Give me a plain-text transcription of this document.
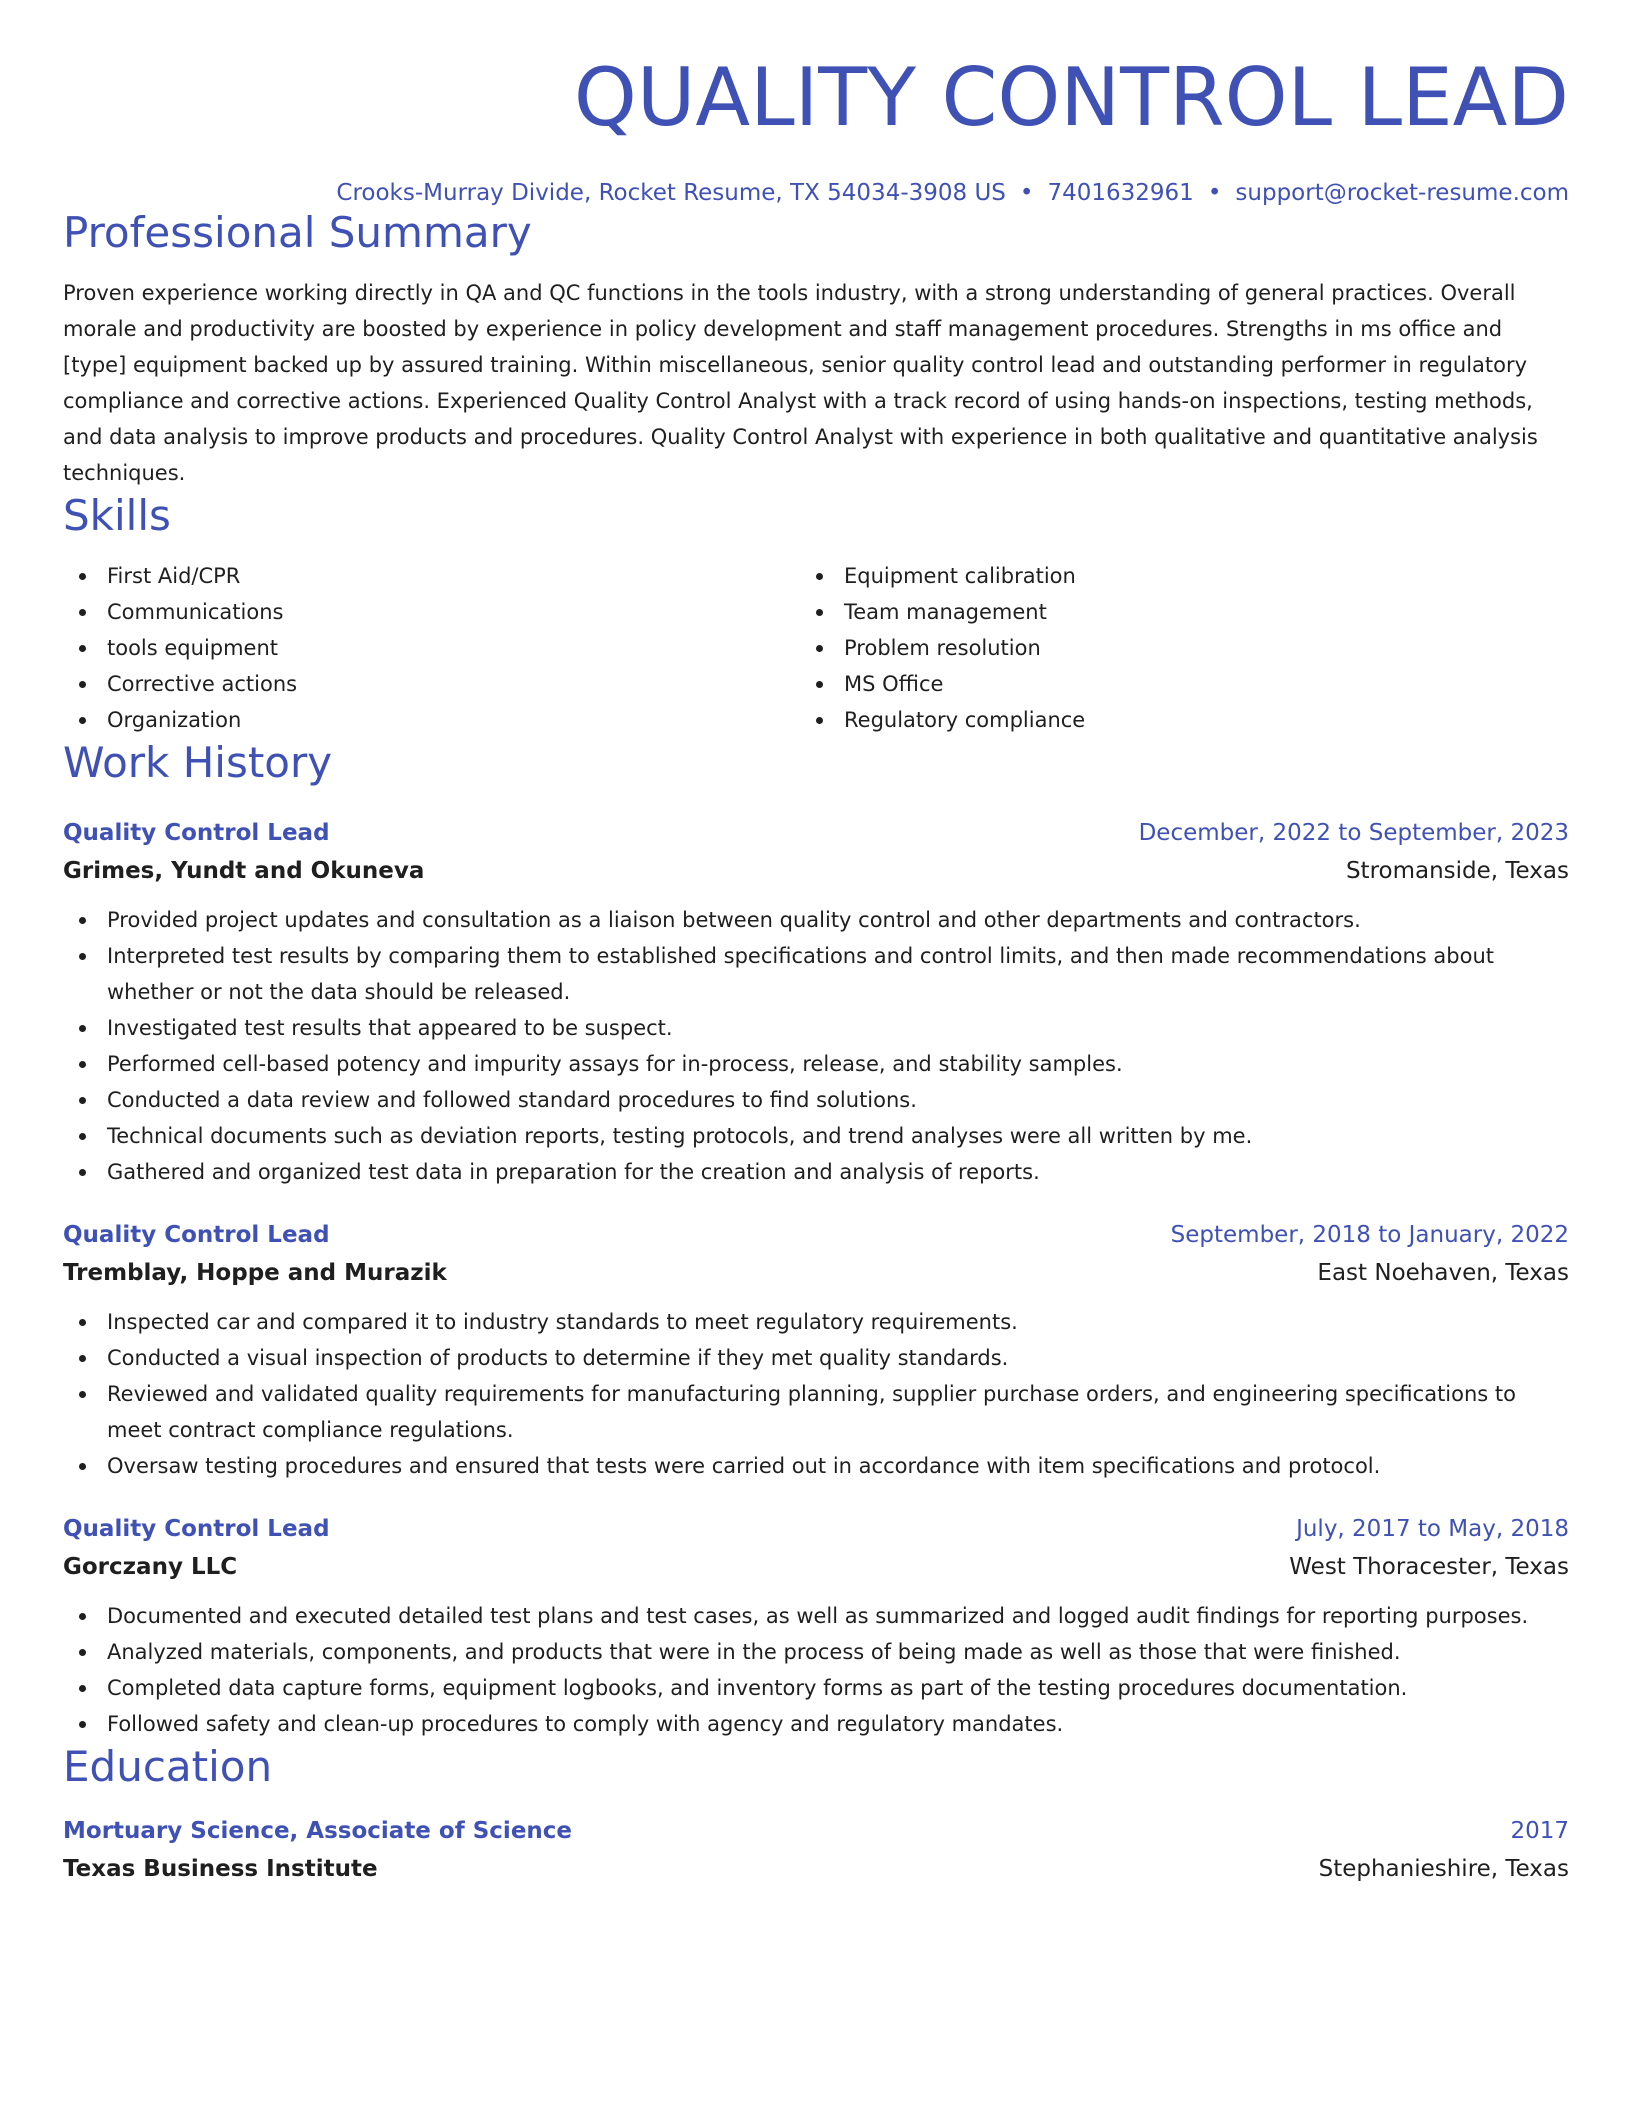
QUALITY CONTROL LEAD
Crooks-Murray Divide, Rocket Resume, TX 54034-3908 US • 7401632961 • support@rocket-resume.com
Professional Summary
Proven experience working directly in QA and QC functions in the tools industry, with a strong understanding of general practices. Overall morale and productivity are boosted by experience in policy development and staff management procedures. Strengths in ms office and [type] equipment backed up by assured training. Within miscellaneous, senior quality control lead and outstanding performer in regulatory compliance and corrective actions. Experienced Quality Control Analyst with a track record of using hands-on inspections, testing methods, and data analysis to improve products and procedures. Quality Control Analyst with experience in both qualitative and quantitative analysis techniques.
Skills
First Aid/CPR
Communications
tools equipment
Corrective actions
Organization
Equipment calibration
Team management
Problem resolution
MS Office
Regulatory compliance
Work History
Quality Control Lead	December, 2022 to September, 2023
Grimes, Yundt and Okuneva	Stromanside, Texas
Provided project updates and consultation as a liaison between quality control and other departments and contractors.
Interpreted test results by comparing them to established specifications and control limits, and then made recommendations about whether or not the data should be released.
Investigated test results that appeared to be suspect.
Performed cell-based potency and impurity assays for in-process, release, and stability samples.
Conducted a data review and followed standard procedures to find solutions.
Technical documents such as deviation reports, testing protocols, and trend analyses were all written by me.
Gathered and organized test data in preparation for the creation and analysis of reports.
Quality Control Lead	September, 2018 to January, 2022
Tremblay, Hoppe and Murazik	East Noehaven, Texas
Inspected car and compared it to industry standards to meet regulatory requirements.
Conducted a visual inspection of products to determine if they met quality standards.
Reviewed and validated quality requirements for manufacturing planning, supplier purchase orders, and engineering specifications to meet contract compliance regulations.
Oversaw testing procedures and ensured that tests were carried out in accordance with item specifications and protocol.
Quality Control Lead	July, 2017 to May, 2018
Gorczany LLC	West Thoracester, Texas
Documented and executed detailed test plans and test cases, as well as summarized and logged audit findings for reporting purposes.
Analyzed materials, components, and products that were in the process of being made as well as those that were finished.
Completed data capture forms, equipment logbooks, and inventory forms as part of the testing procedures documentation.
Followed safety and clean-up procedures to comply with agency and regulatory mandates.
Education
Mortuary Science, Associate of Science	2017
Texas Business Institute	Stephanieshire, Texas
